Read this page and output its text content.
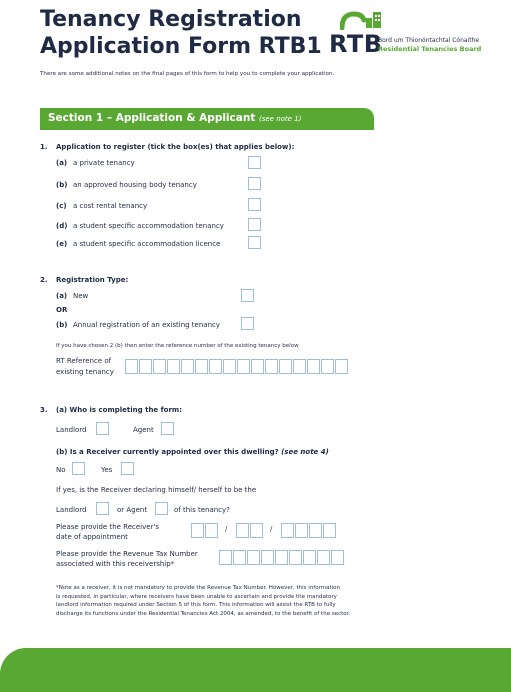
Tenancy Registration
Application Form RTB1 RTB
Bord um Thionóntachtaí Cónaithe
Residential Tenancies Board
There are some additional notes on the final pages of this form to help you to complete your application.
Section 1 – Application & Applicant (see note 1)
1. Application to register (tick the box(es) that applies below):
(a) a private tenancy
(b) an approved housing body tenancy
(c) a cost rental tenancy
(d) a student specific accommodation tenancy
(e) a student specific accommodation licence
2. Registration Type:
(a) New
OR
(b) Annual registration of an existing tenancy
If you have chosen 2 (b) then enter the reference number of the existing tenancy below
RT Reference of
existing tenancy
3. (a) Who is completing the form:
Landlord	Agent
(b) Is a Receiver currently appointed over this dwelling? (see note 4)
No	Yes
If yes, is the Receiver declaring himself/ herself to be the
Landlord	or Agent	of this tenancy?
Please provide the Receiver's
date of appointment
/	/
Please provide the Revenue Tax Number
associated with this receivership*
*Note as a receiver, it is not mandatory to provide the Revenue Tax Number. However, this information
is requested, in particular, where receivers have been unable to ascertain and provide the mandatory
landlord information required under Section 5 of this form. This information will assist the RTB to fully
discharge its functions under the Residential Tenancies Act 2004, as amended, to the benefit of the sector.
